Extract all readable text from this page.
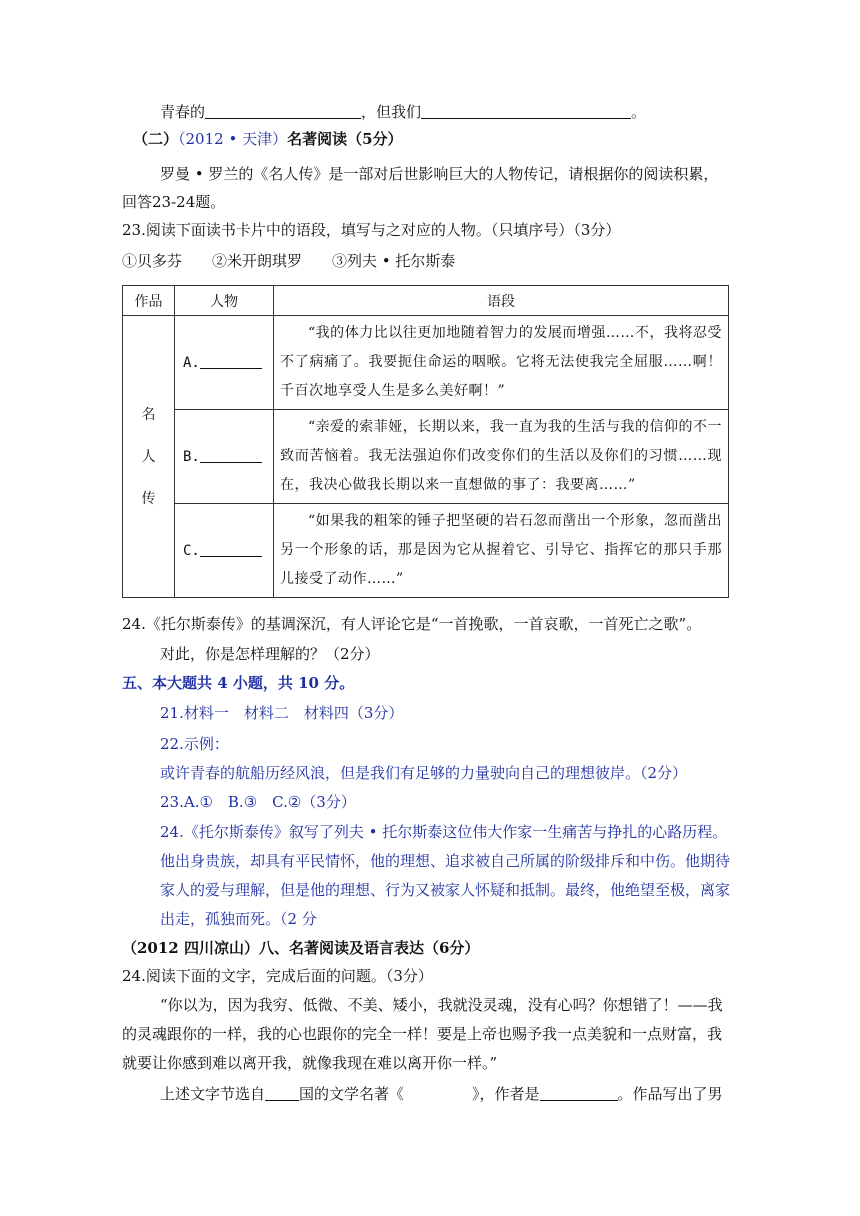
青春的	，但我们	。
（二）（2012 • 天津）名著阅读（5分）
罗曼 • 罗兰的《名人传》是一部对后世影响巨大的人物传记，请根据你的阅读积累，
回答23-24题。
23.阅读下面读书卡片中的语段，填写与之对应的人物。（只填序号）（3分）
①贝多芬　　②米开朗琪罗　　③列夫 • 托尔斯泰
作品	人物	语段

名
人
传	A.	“我的体力比以往更加地随着智力的发展而增强……不，我将忍受不了病痛了。我要扼住命运的咽喉。它将无法使我完全屈服……啊！千百次地享受人生是多么美好啊！”
	B.	“亲爱的索菲娅，长期以来，我一直为我的生活与我的信仰的不一致而苦恼着。我无法强迫你们改变你们的生活以及你们的习惯……现在，我决心做我长期以来一直想做的事了：我要离……”
	C.	“如果我的粗笨的锤子把坚硬的岩石忽而凿出一个形象，忽而凿出另一个形象的话，那是因为它从握着它、引导它、指挥它的那只手那儿接受了动作……”
24.《托尔斯泰传》的基调深沉，有人评论它是“一首挽歌，一首哀歌，一首死亡之歌”。
对此，你是怎样理解的？（2分）
五、本大题共 4 小题，共 10 分。
21.材料一　材料二　材料四（3分）
22.示例：
或许青春的航船历经风浪，但是我们有足够的力量驶向自己的理想彼岸。（2分）
23.A.①　B.③　C.②（3分）
24.《托尔斯泰传》叙写了列夫 • 托尔斯泰这位伟大作家一生痛苦与挣扎的心路历程。
他出身贵族，却具有平民情怀，他的理想、追求被自己所属的阶级排斥和中伤。他期待
家人的爱与理解，但是他的理想、行为又被家人怀疑和抵制。最终，他绝望至极，离家
出走，孤独而死。（2 分
（2012 四川凉山）八、名著阅读及语言表达（6分）
24.阅读下面的文字，完成后面的问题。（3分）
“你以为，因为我穷、低微、不美、矮小，我就没灵魂，没有心吗？你想错了！——我
的灵魂跟你的一样，我的心也跟你的完全一样！要是上帝也赐予我一点美貌和一点财富，我
就要让你感到难以离开我，就像我现在难以离开你一样。”
上述文字节选自 国的文学名著《	》，作者是	。作品写出了男
